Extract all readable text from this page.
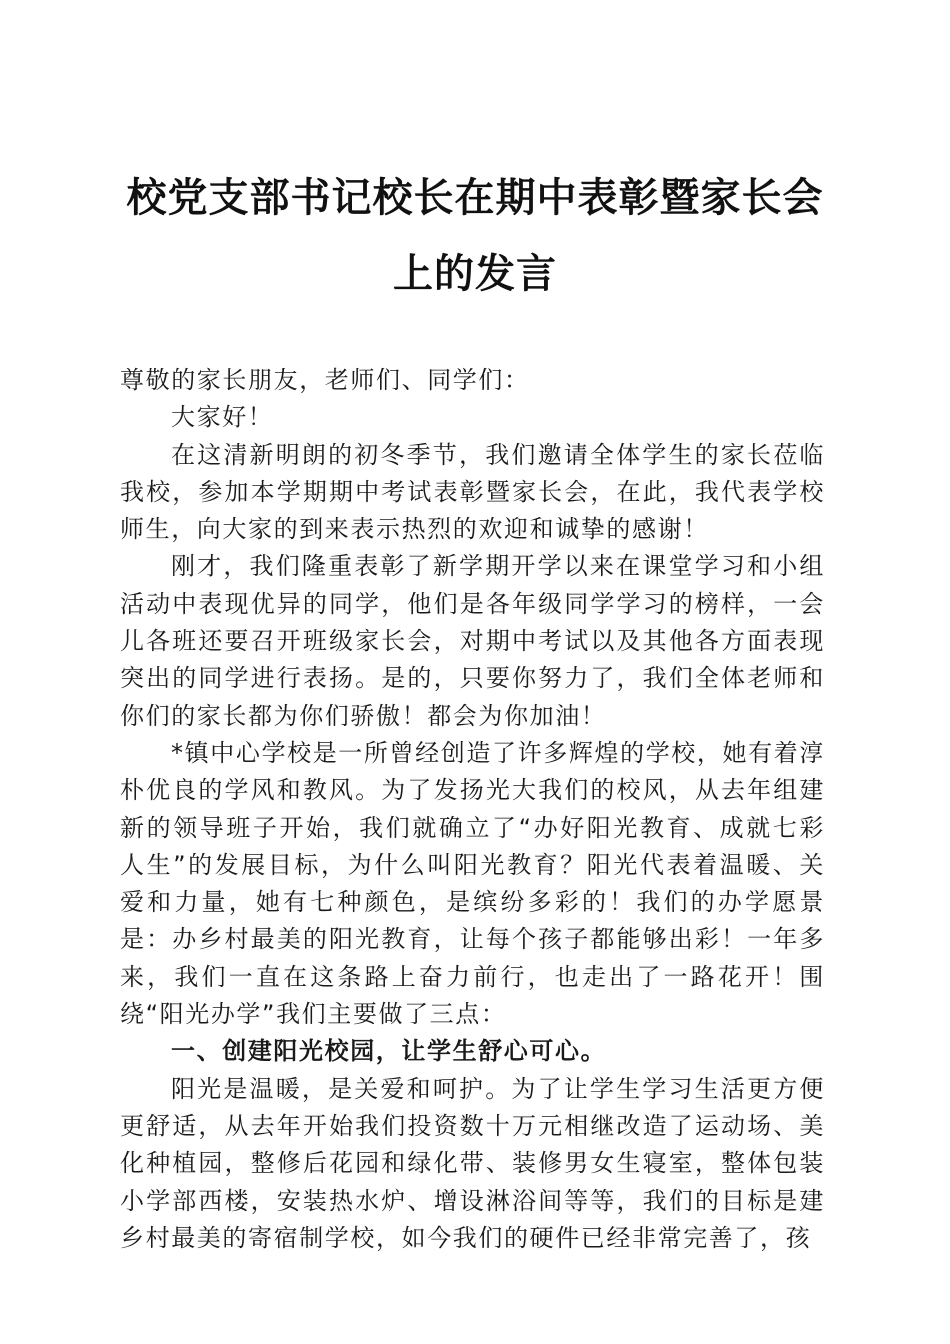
校党支部书记校长在期中表彰暨家长会上的发言

尊敬的家长朋友，老师们、同学们：

大家好！

在这清新明朗的初冬季节，我们邀请全体学生的家长莅临我校，参加本学期期中考试表彰暨家长会，在此，我代表学校师生，向大家的到来表示热烈的欢迎和诚挚的感谢！

刚才，我们隆重表彰了新学期开学以来在课堂学习和小组活动中表现优异的同学，他们是各年级同学学习的榜样，一会儿各班还要召开班级家长会，对期中考试以及其他各方面表现突出的同学进行表扬。是的，只要你努力了，我们全体老师和你们的家长都为你们骄傲！都会为你加油！

*镇中心学校是一所曾经创造了许多辉煌的学校，她有着淳朴优良的学风和教风。为了发扬光大我们的校风，从去年组建新的领导班子开始，我们就确立了“办好阳光教育、成就七彩人生”的发展目标，为什么叫阳光教育？阳光代表着温暖、关爱和力量，她有七种颜色，是缤纷多彩的！我们的办学愿景是：办乡村最美的阳光教育，让每个孩子都能够出彩！一年多来，我们一直在这条路上奋力前行，也走出了一路花开！围绕“阳光办学”我们主要做了三点：

一、创建阳光校园，让学生舒心可心。

阳光是温暖，是关爱和呵护。为了让学生学习生活更方便更舒适，从去年开始我们投资数十万元相继改造了运动场、美化种植园，整修后花园和绿化带、装修男女生寝室，整体包装小学部西楼，安装热水炉、增设淋浴间等等，我们的目标是建乡村最美的寄宿制学校，如今我们的硬件已经非常完善了，孩
